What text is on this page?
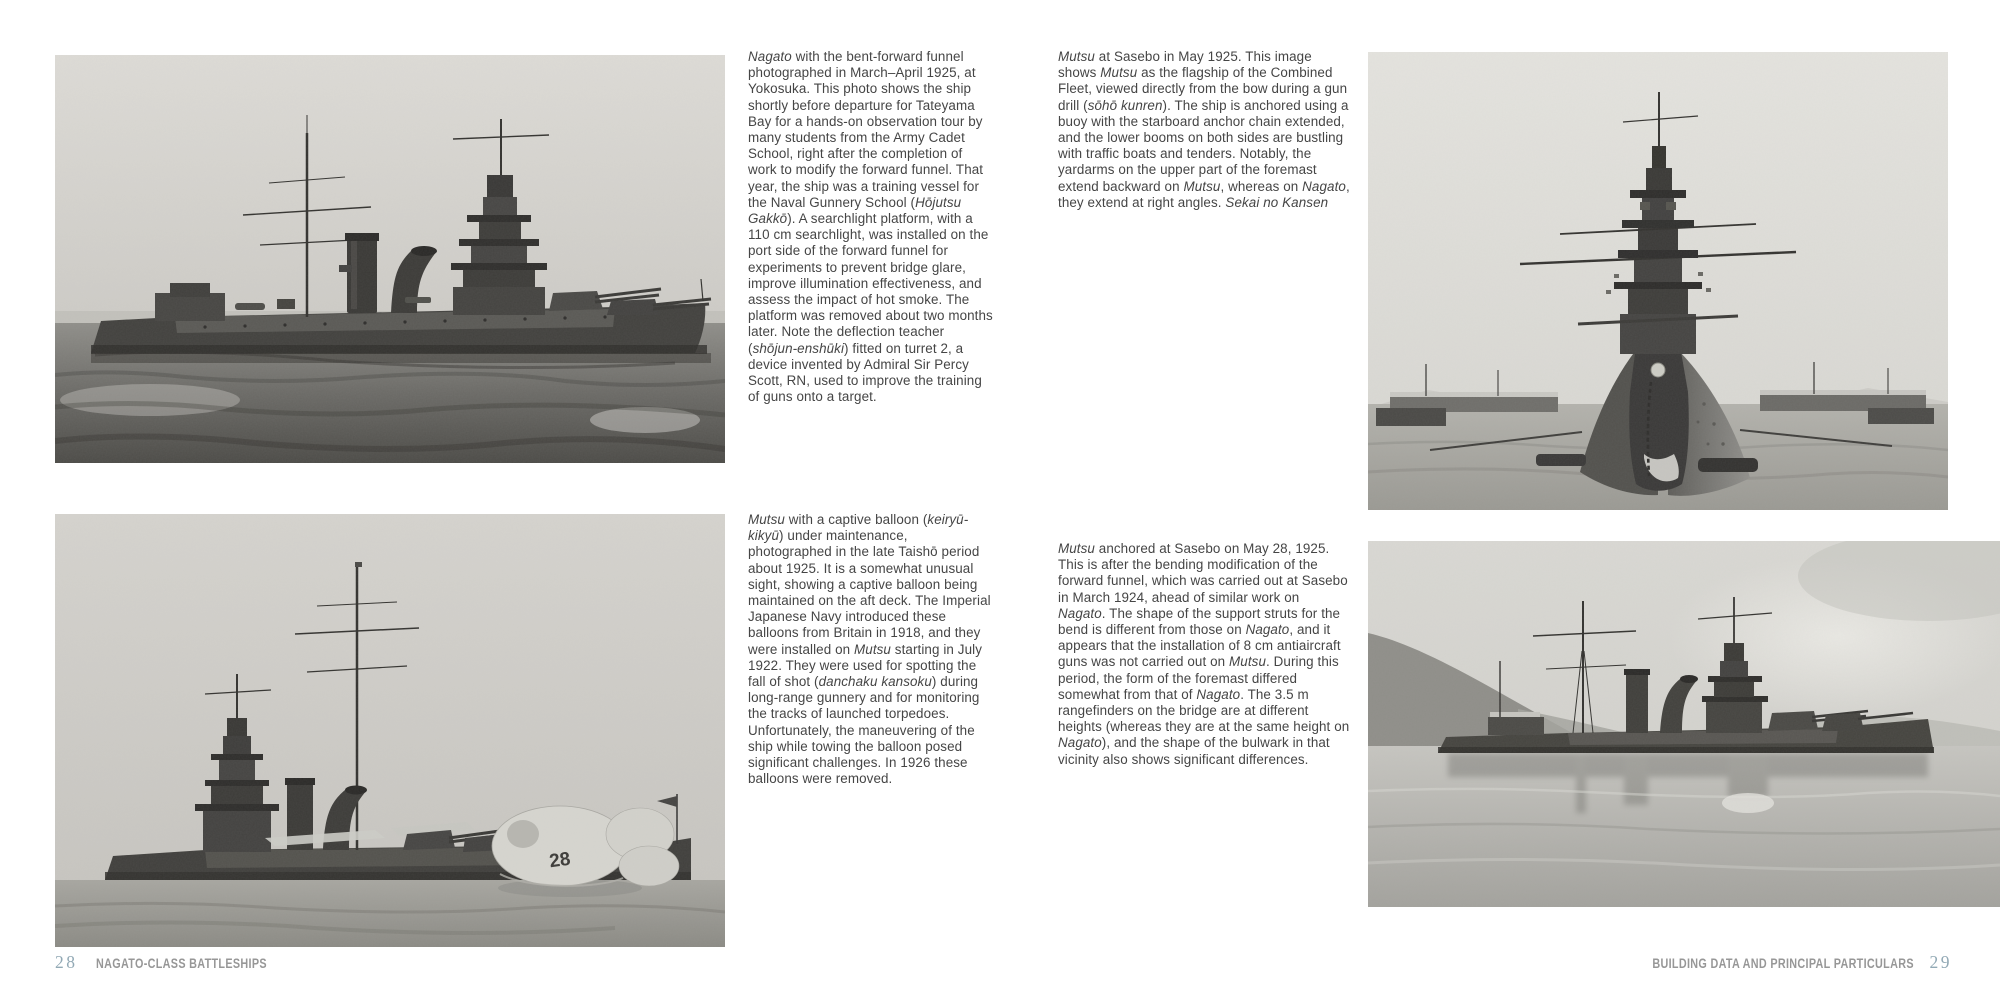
Nagato with the bent-forward funnel photographed in March–April 1925, at Yokosuka. This photo shows the ship shortly before departure for Tateyama Bay for a hands-on observation tour by many students from the Army Cadet School, right after the completion of work to modify the forward funnel. That year, the ship was a training vessel for the Naval Gunnery School (Hōjutsu Gakkō). A searchlight platform, with a 110 cm searchlight, was installed on the port side of the forward funnel for experiments to prevent bridge glare, improve illumination effectiveness, and assess the impact of hot smoke. The platform was removed about two months later. Note the deflection teacher (shōjun-enshūki) fitted on turret 2, a device invented by Admiral Sir Percy Scott, RN, used to improve the training of guns onto a target.
Mutsu with a captive balloon (keiryū-kikyū) under maintenance, photographed in the late Taishō period about 1925. It is a somewhat unusual sight, showing a captive balloon being maintained on the aft deck. The Imperial Japanese Navy introduced these balloons from Britain in 1918, and they were installed on Mutsu starting in July 1922. They were used for spotting the fall of shot (danchaku kansoku) during long-range gunnery and for monitoring the tracks of launched torpedoes. Unfortunately, the maneuvering of the ship while towing the balloon posed significant challenges. In 1926 these balloons were removed.
28 NAGATO-CLASS BATTLESHIPS
Mutsu at Sasebo in May 1925. This image shows Mutsu as the flagship of the Combined Fleet, viewed directly from the bow during a gun drill (sōhō kunren). The ship is anchored using a buoy with the starboard anchor chain extended, and the lower booms on both sides are bustling with traffic boats and tenders. Notably, the yardarms on the upper part of the foremast extend backward on Mutsu, whereas on Nagato, they extend at right angles. Sekai no Kansen
Mutsu anchored at Sasebo on May 28, 1925. This is after the bending modification of the forward funnel, which was carried out at Sasebo in March 1924, ahead of similar work on Nagato. The shape of the support struts for the bend is different from those on Nagato, and it appears that the installation of 8 cm antiaircraft guns was not carried out on Mutsu. During this period, the form of the foremast differed somewhat from that of Nagato. The 3.5 m rangefinders on the bridge are at different heights (whereas they are at the same height on Nagato), and the shape of the bulwark in that vicinity also shows significant differences.
BUILDING DATA AND PRINCIPAL PARTICULARS 29
